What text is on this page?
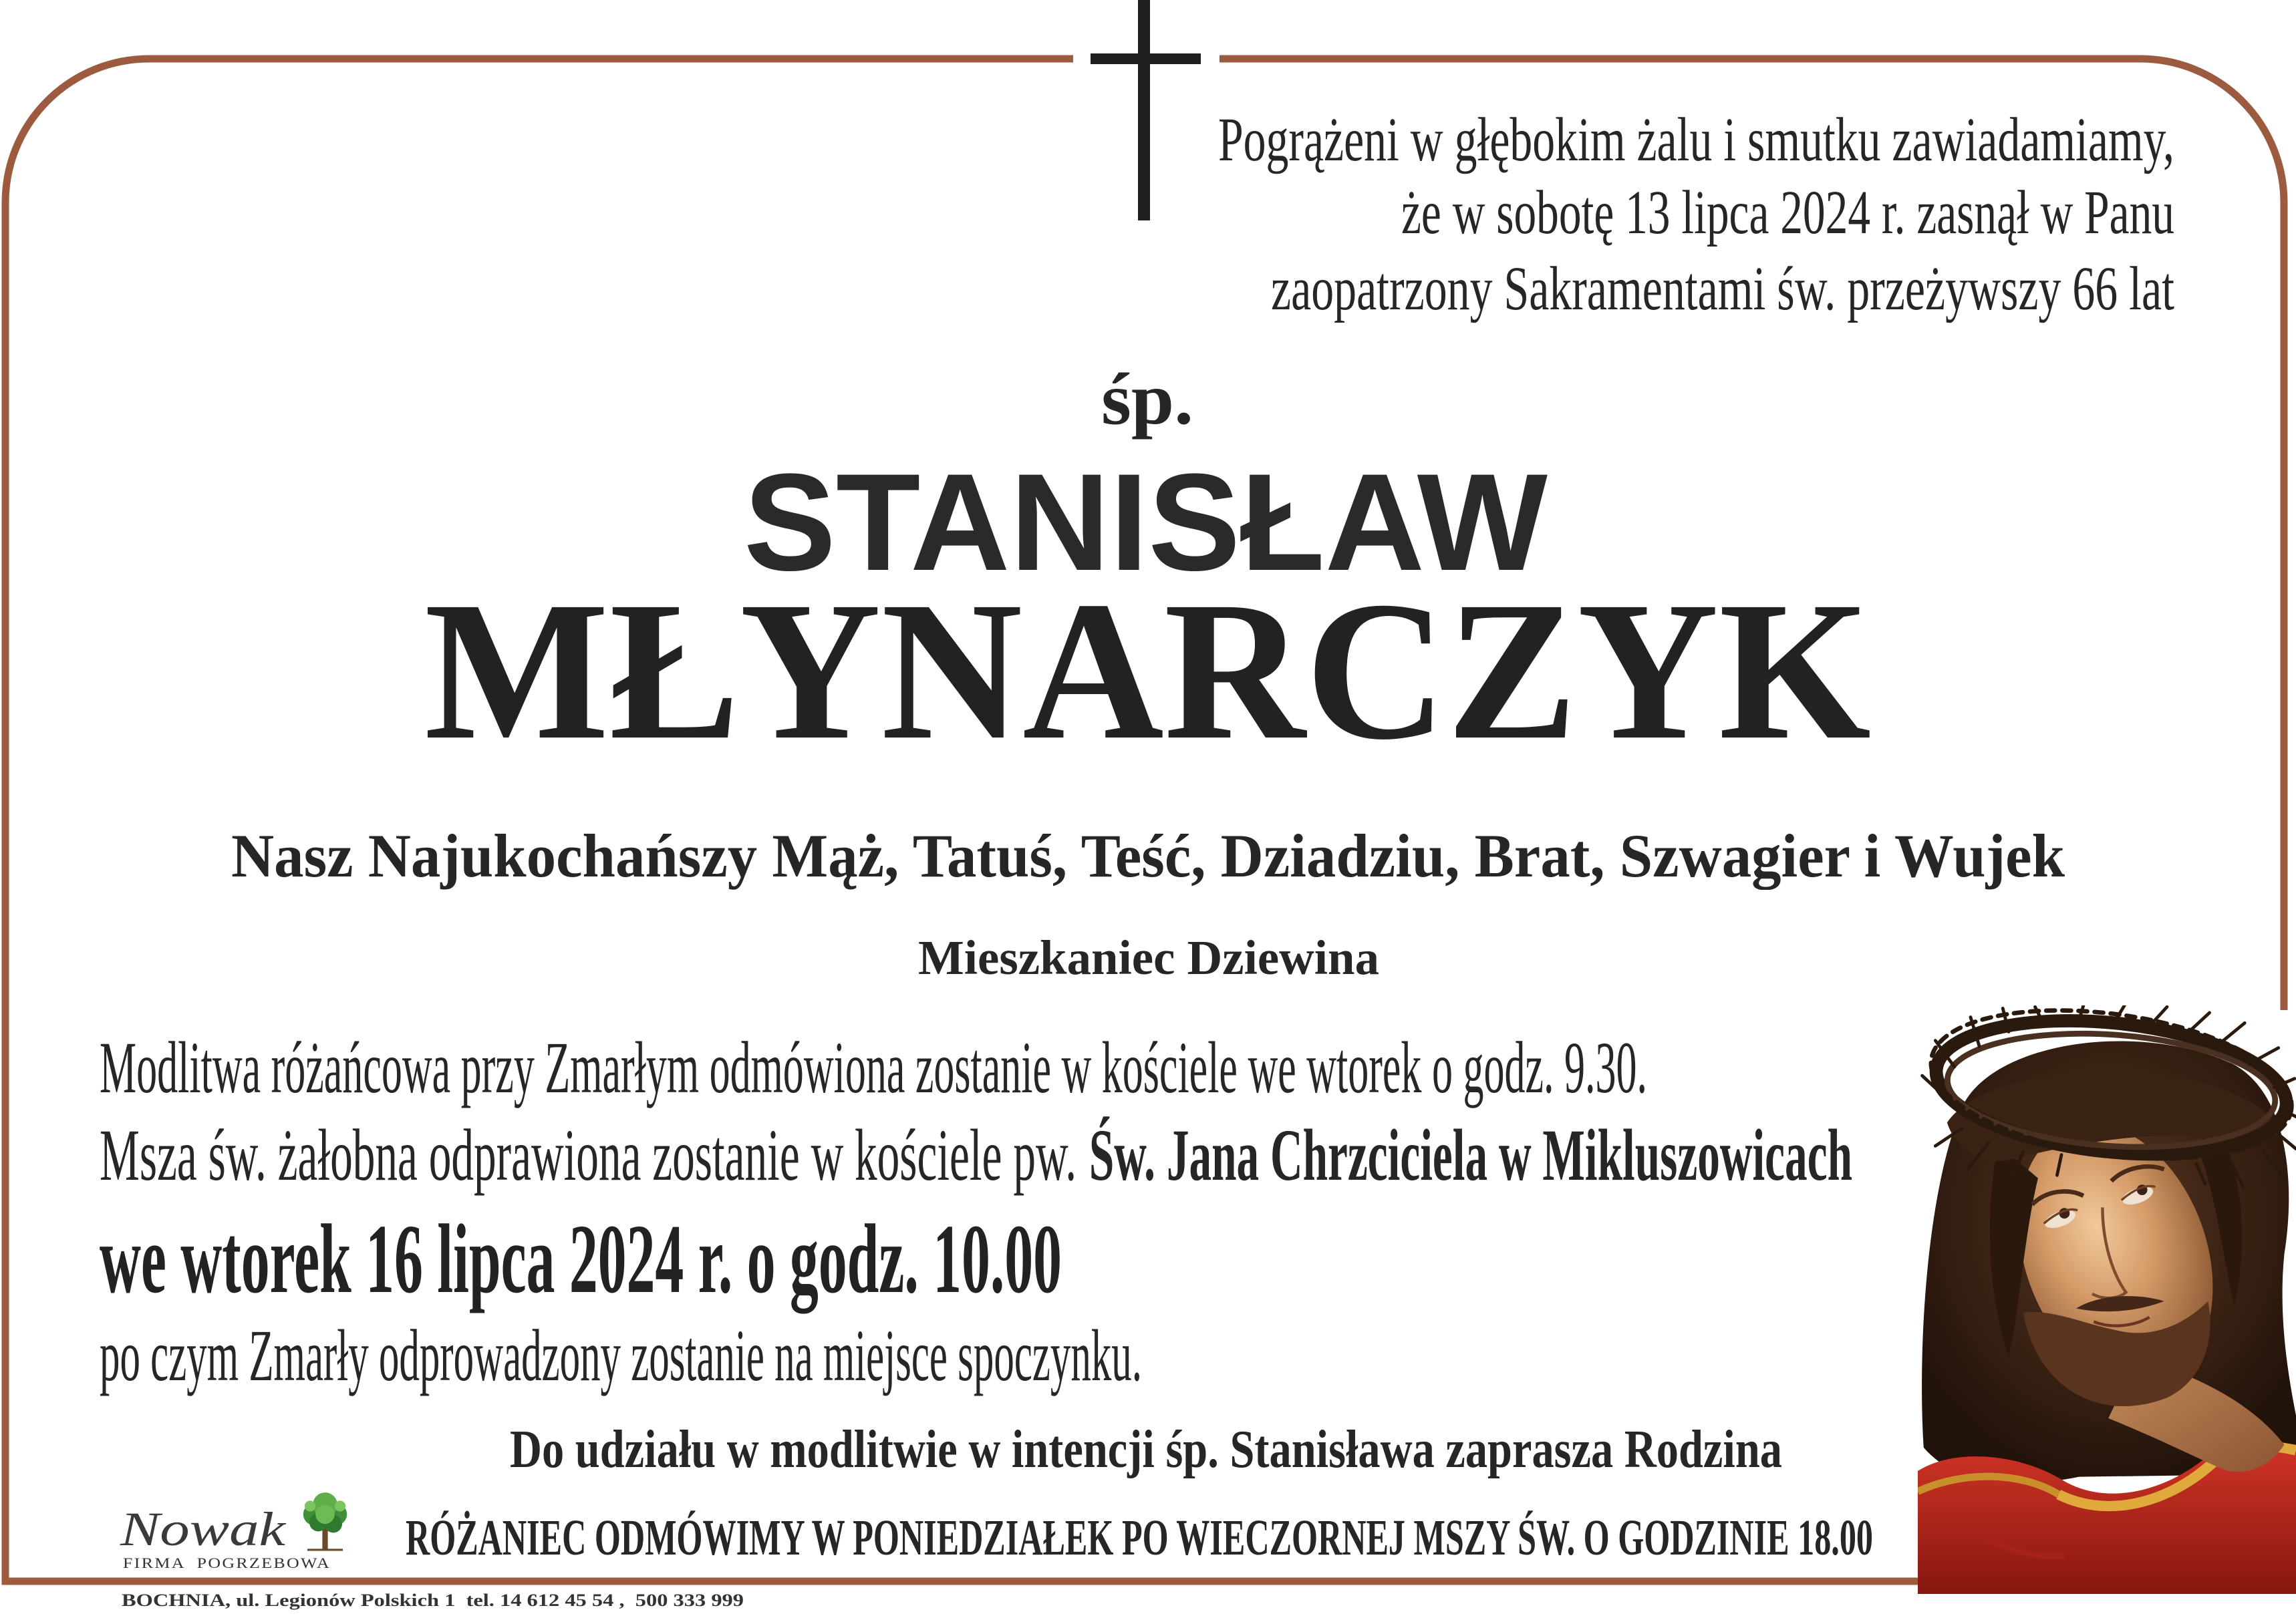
Pogrążeni w głębokim żalu i smutku zawiadamiamy,
że w sobotę 13 lipca 2024 r. zasnął w Panu
zaopatrzony Sakramentami św. przeżywszy 66 lat
śp.
STANISŁAW
MŁYNARCZYK
Nasz Najukochańszy Mąż, Tatuś, Teść, Dziadziu, Brat, Szwagier i Wujek
Mieszkaniec Dziewina
Modlitwa różańcowa przy Zmarłym odmówiona zostanie w kościele we wtorek o godz. 9.30.
Msza św. żałobna odprawiona zostanie w kościele pw. Św. Jana Chrzciciela w Mikluszowicach
we wtorek 16 lipca 2024 r. o godz. 10.00
po czym Zmarły odprowadzony zostanie na miejsce spoczynku.
Do udziału w modlitwie w intencji śp. Stanisława zaprasza Rodzina
RÓŻANIEC ODMÓWIMY W PONIEDZIAŁEK PO WIECZORNEJ MSZY ŚW. O GODZINIE 18.00
Nowak
FIRMA POGRZEBOWA
BOCHNIA, ul. Legionów Polskich 1  tel. 14 612 45 54 ,  500 333 999
